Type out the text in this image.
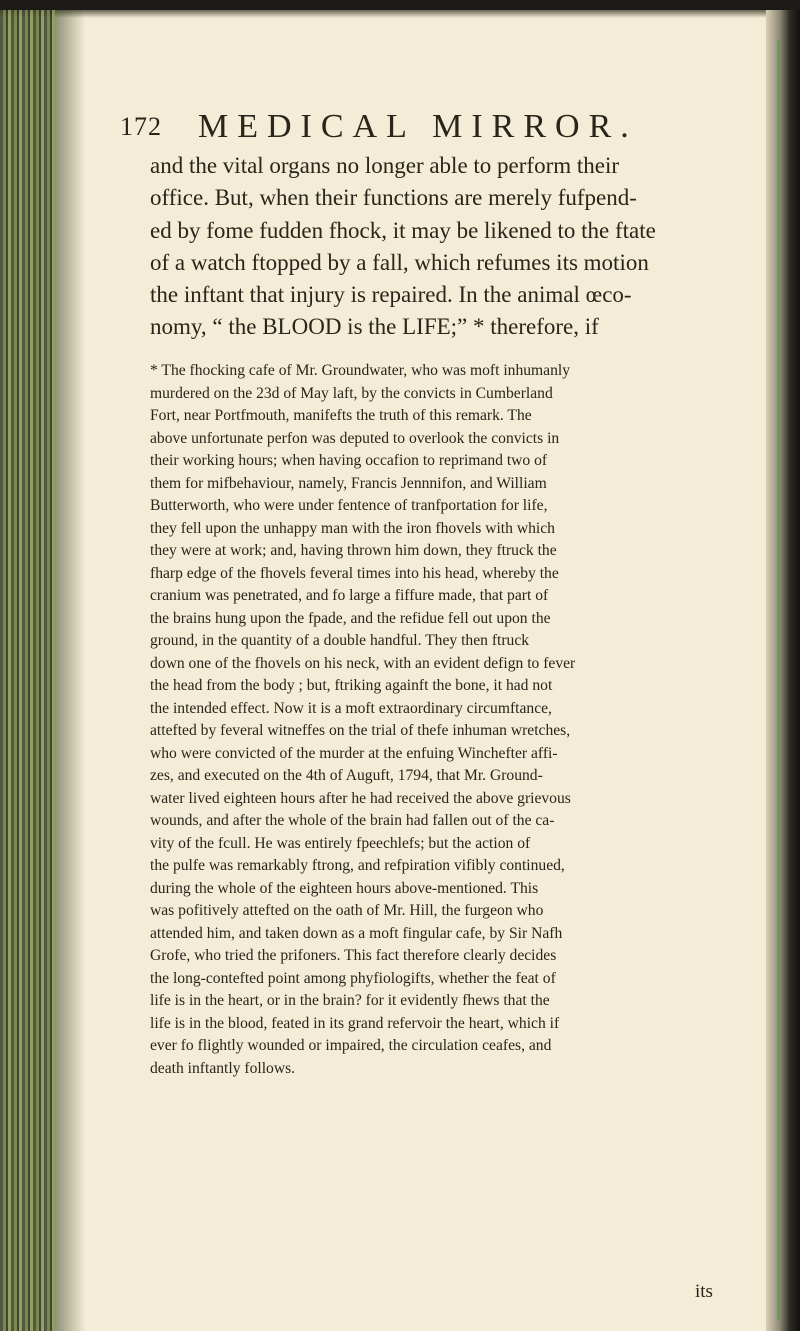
172 MEDICAL MIRROR.
and the vital organs no longer able to perform their
office. But, when their functions are merely fufpend-
ed by fome fudden fhock, it may be likened to the ftate
of a watch ftopped by a fall, which refumes its motion
the inftant that injury is repaired. In the animal œco-
nomy, “ the BLOOD is the LIFE;” * therefore, if
* The fhocking cafe of Mr. Groundwater, who was moft inhumanly
murdered on the 23d of May laft, by the convicts in Cumberland
Fort, near Portfmouth, manifefts the truth of this remark. The
above unfortunate perfon was deputed to overlook the convicts in
their working hours; when having occafion to reprimand two of
them for mifbehaviour, namely, Francis Jennnifon, and William
Butterworth, who were under fentence of tranfportation for life,
they fell upon the unhappy man with the iron fhovels with which
they were at work; and, having thrown him down, they ftruck the
fharp edge of the fhovels feveral times into his head, whereby the
cranium was penetrated, and fo large a fiffure made, that part of
the brains hung upon the fpade, and the refidue fell out upon the
ground, in the quantity of a double handful. They then ftruck
down one of the fhovels on his neck, with an evident defign to fever
the head from the body ; but, ftriking againft the bone, it had not
the intended effect. Now it is a moft extraordinary circumftance,
attefted by feveral witneffes on the trial of thefe inhuman wretches,
who were convicted of the murder at the enfuing Winchefter affi-
zes, and executed on the 4th of Auguft, 1794, that Mr. Ground-
water lived eighteen hours after he had received the above grievous
wounds, and after the whole of the brain had fallen out of the ca-
vity of the fcull. He was entirely fpeechlefs; but the action of
the pulfe was remarkably ftrong, and refpiration vifibly continued,
during the whole of the eighteen hours above-mentioned. This
was pofitively attefted on the oath of Mr. Hill, the furgeon who
attended him, and taken down as a moft fingular cafe, by Sir Nafh
Grofe, who tried the prifoners. This fact therefore clearly decides
the long-contefted point among phyfiologifts, whether the feat of
life is in the heart, or in the brain? for it evidently fhews that the
life is in the blood, feated in its grand refervoir the heart, which if
ever fo flightly wounded or impaired, the circulation ceafes, and
death inftantly follows.
its
